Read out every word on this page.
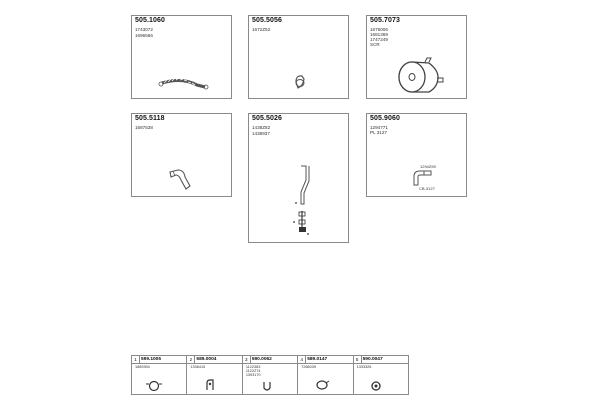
505.1060
1743072
1696566
505.5056
1672Z52
505.7073
1676006
1681369
1747249
SCR
505.5118
1687538
505.5026
1438Z82
1438937
505.9060
1294771
PL 3127
1294Z59
CB-3127
1 599.1005
1689394
2 589.0004
1336415
3 590.0062
1122383
1122Z74
1393170
4 589.0147
7266039
5 590.0047
1333326
